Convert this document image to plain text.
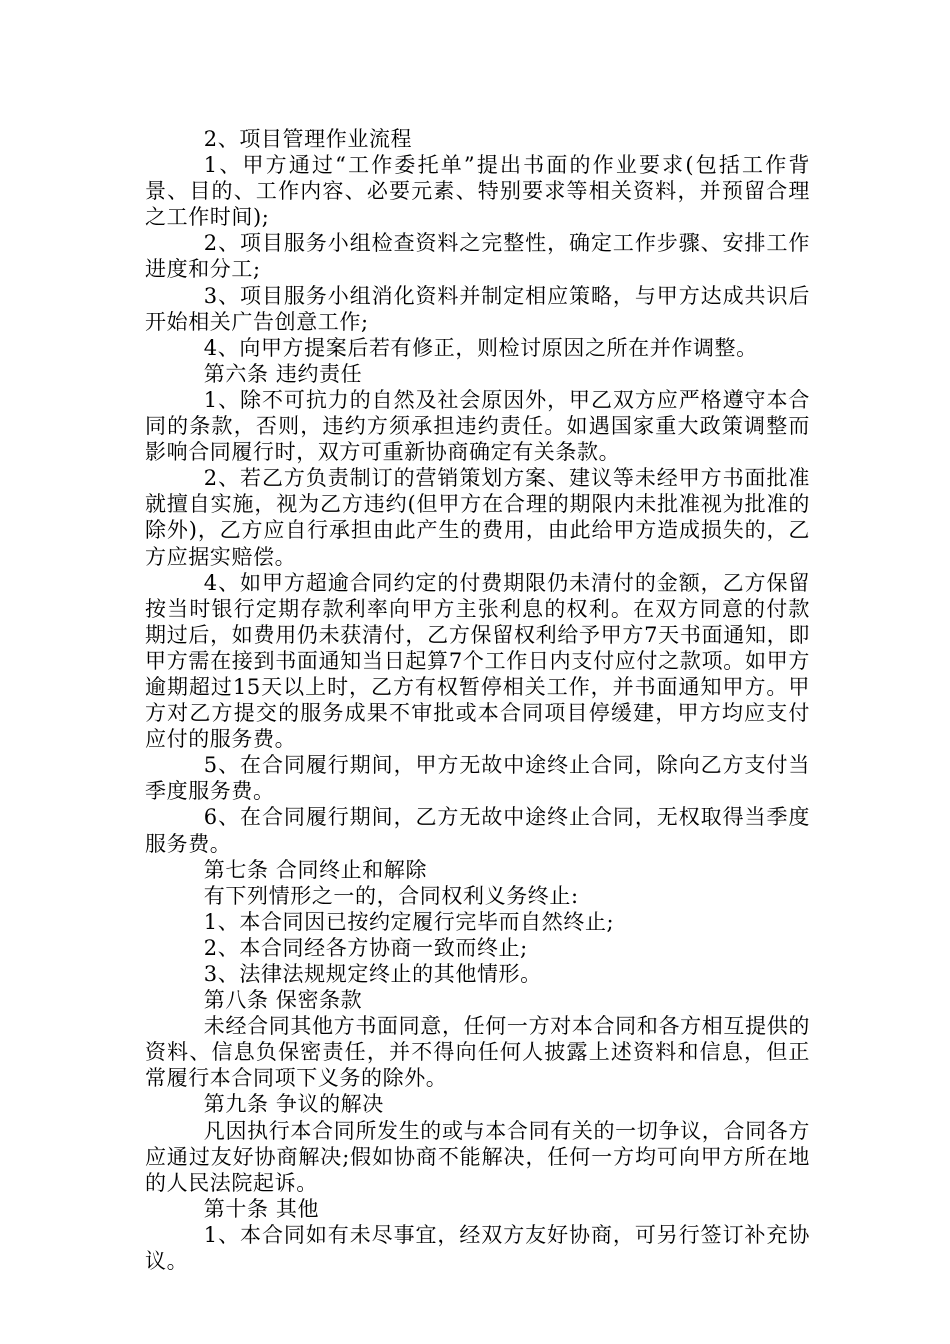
2、项目管理作业流程

1、甲方通过“工作委托单”提出书面的作业要求(包括工作背景、目的、工作内容、必要元素、特别要求等相关资料，并预留合理之工作时间);

2、项目服务小组检查资料之完整性，确定工作步骤、安排工作进度和分工;

3、项目服务小组消化资料并制定相应策略，与甲方达成共识后开始相关广告创意工作;

4、向甲方提案后若有修正，则检讨原因之所在并作调整。

第六条 违约责任

1、除不可抗力的自然及社会原因外，甲乙双方应严格遵守本合同的条款，否则，违约方须承担违约责任。如遇国家重大政策调整而影响合同履行时，双方可重新协商确定有关条款。

2、若乙方负责制订的营销策划方案、建议等未经甲方书面批准就擅自实施，视为乙方违约(但甲方在合理的期限内未批准视为批准的除外)，乙方应自行承担由此产生的费用，由此给甲方造成损失的，乙方应据实赔偿。

4、如甲方超逾合同约定的付费期限仍未清付的金额，乙方保留按当时银行定期存款利率向甲方主张利息的权利。在双方同意的付款期过后，如费用仍未获清付，乙方保留权利给予甲方7天书面通知，即甲方需在接到书面通知当日起算7个工作日内支付应付之款项。如甲方逾期超过15天以上时，乙方有权暂停相关工作，并书面通知甲方。甲方对乙方提交的服务成果不审批或本合同项目停缓建，甲方均应支付应付的服务费。

5、在合同履行期间，甲方无故中途终止合同，除向乙方支付当季度服务费。

6、在合同履行期间，乙方无故中途终止合同，无权取得当季度服务费。

第七条 合同终止和解除

有下列情形之一的，合同权利义务终止:

1、本合同因已按约定履行完毕而自然终止;

2、本合同经各方协商一致而终止;

3、法律法规规定终止的其他情形。

第八条 保密条款

未经合同其他方书面同意，任何一方对本合同和各方相互提供的资料、信息负保密责任，并不得向任何人披露上述资料和信息，但正常履行本合同项下义务的除外。

第九条 争议的解决

凡因执行本合同所发生的或与本合同有关的一切争议，合同各方应通过友好协商解决;假如协商不能解决，任何一方均可向甲方所在地的人民法院起诉。

第十条 其他

1、本合同如有未尽事宜，经双方友好协商，可另行签订补充协议。
